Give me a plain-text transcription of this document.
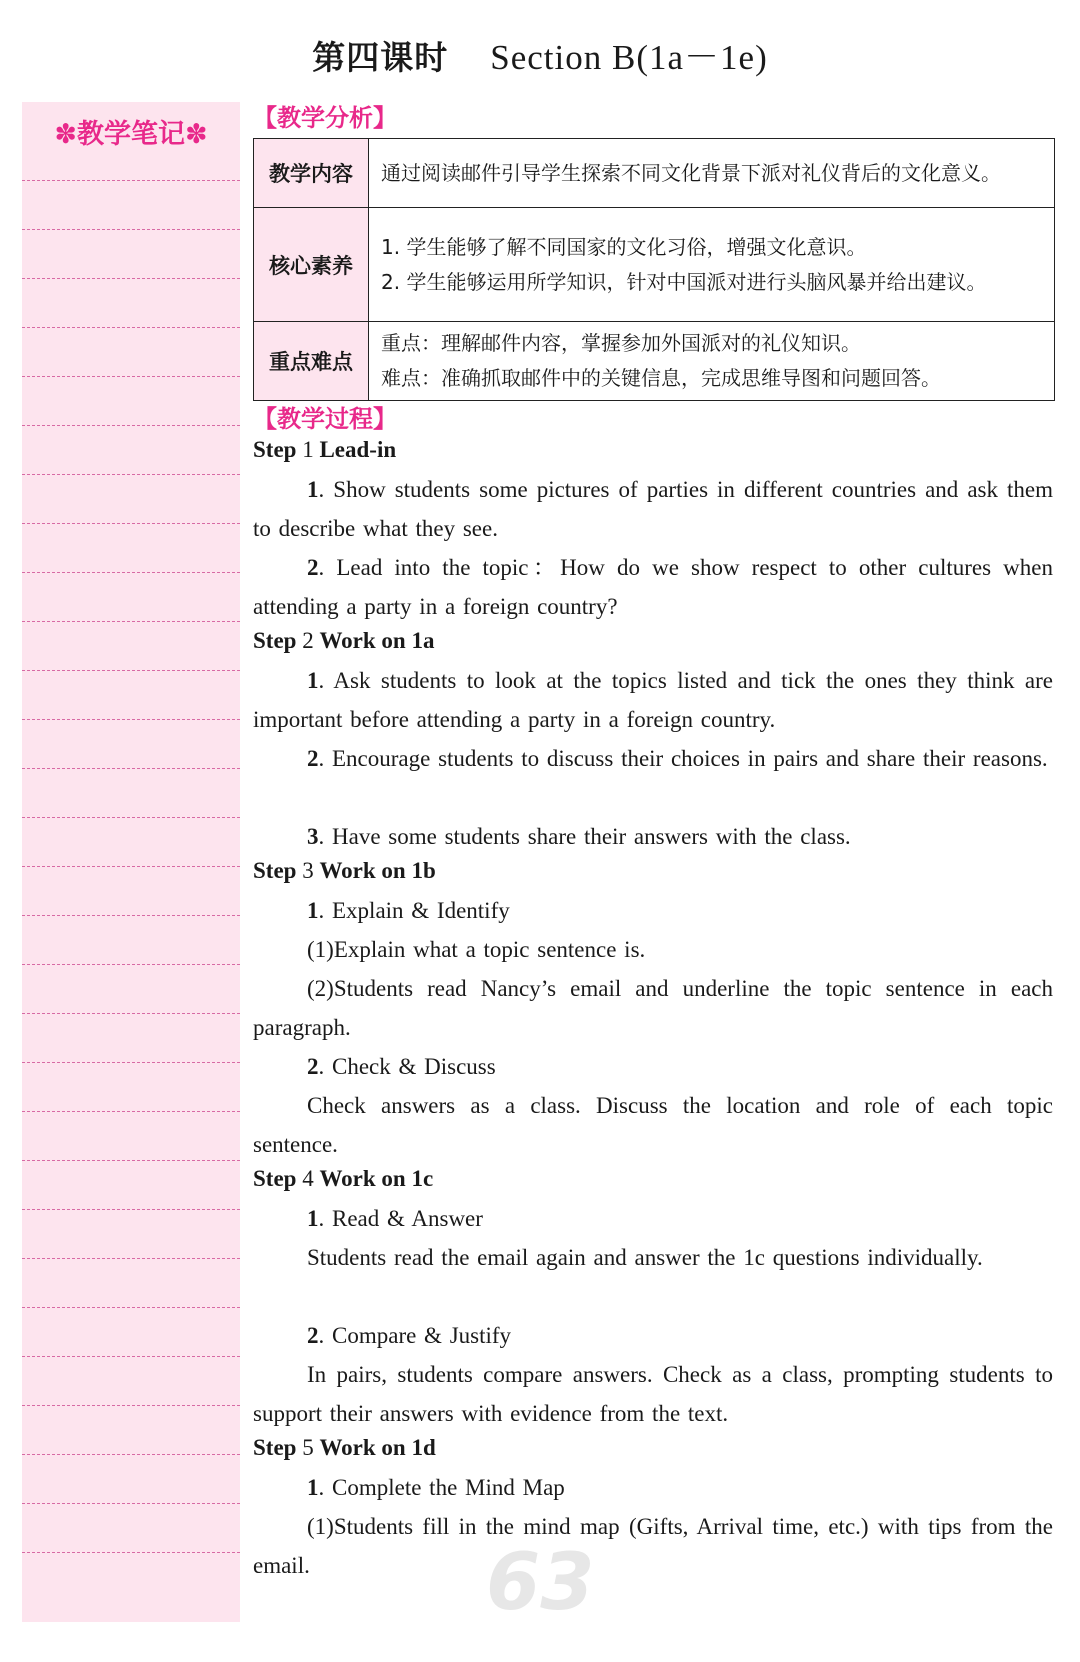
第四课时 Section B(1a－1e)
✽教学笔记✽
【教学分析】
教学内容	通过阅读邮件引导学生探索不同文化背景下派对礼仪背后的文化意义。

核心素养	1. 学生能够了解不同国家的文化习俗，增强文化意识。
2. 学生能够运用所学知识，针对中国派对进行头脑风暴并给出建议。

重点难点	重点：理解邮件内容，掌握参加外国派对的礼仪知识。
难点：准确抓取邮件中的关键信息，完成思维导图和问题回答。
【教学过程】
Step 1 Lead-in
1. Show students some pictures of parties in different countries and ask them to describe what they see.
2. Lead into the topic：How do we show respect to other cultures when attending a party in a foreign country?
Step 2 Work on 1a
1. Ask students to look at the topics listed and tick the ones they think are important before attending a party in a foreign country.
2. Encourage students to discuss their choices in pairs and share their reasons.
3. Have some students share their answers with the class.
Step 3 Work on 1b
1. Explain & Identify
(1)Explain what a topic sentence is.
(2)Students read Nancy’s email and underline the topic sentence in each paragraph.
2. Check & Discuss
Check answers as a class. Discuss the location and role of each topic sentence.
Step 4 Work on 1c
1. Read & Answer
Students read the email again and answer the 1c questions individually.
2. Compare & Justify
In pairs, students compare answers. Check as a class, prompting students to support their answers with evidence from the text.
Step 5 Work on 1d
1. Complete the Mind Map
(1)Students fill in the mind map (Gifts, Arrival time, etc.) with tips from the email.	63
